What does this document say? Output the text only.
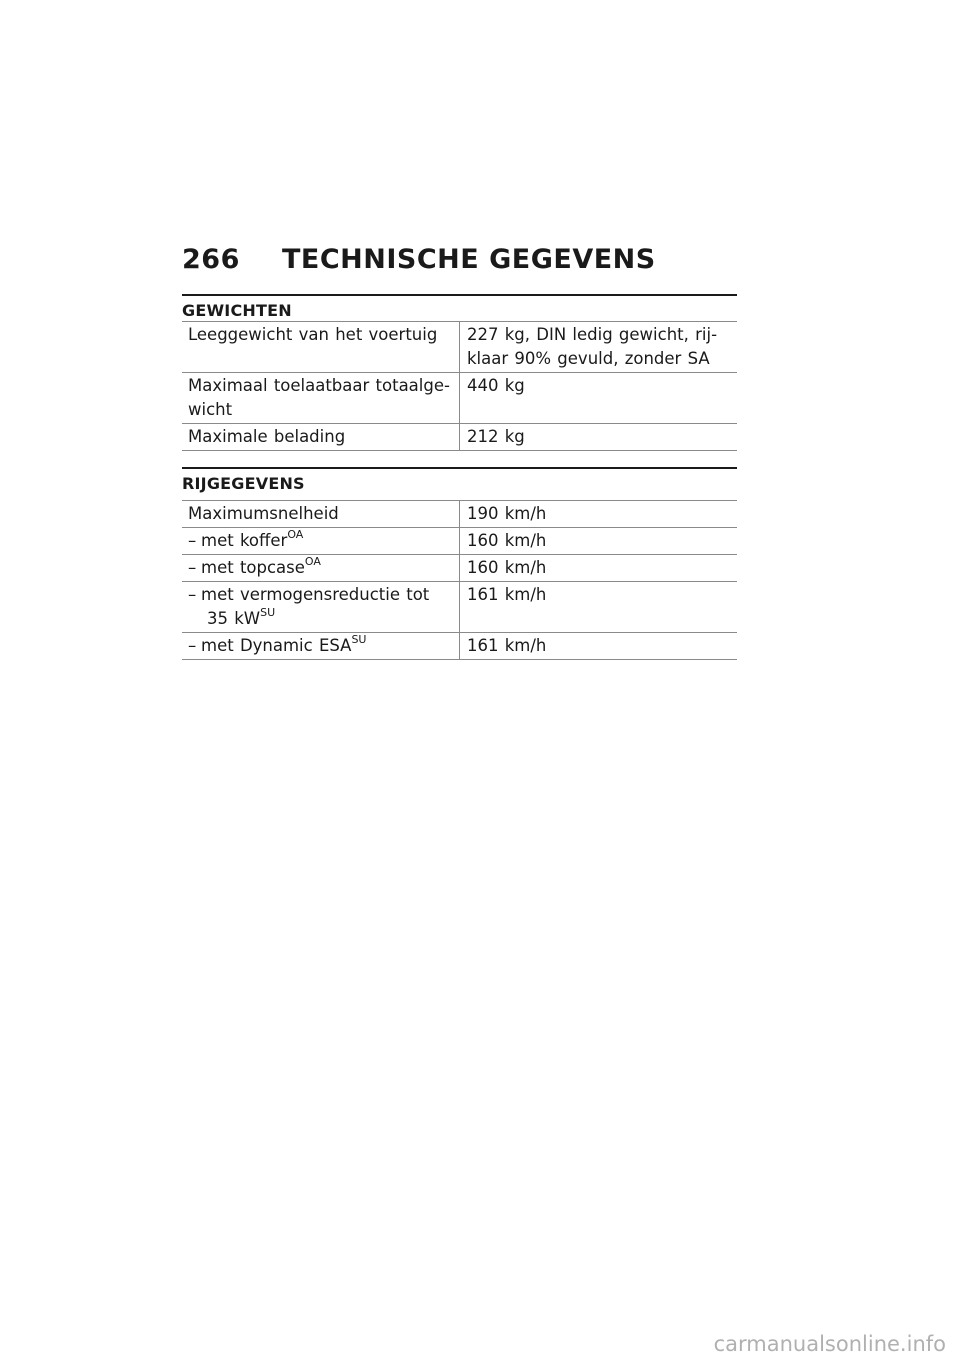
266	TECHNISCHE GEGEVENS
GEWICHTEN
Leeggewicht van het voertuig	227 kg, DIN ledig gewicht, rij-
klaar 90% gevuld, zonder SA
Maximaal toelaatbaar totaalge-
wicht	440 kg
Maximale belading	212 kg
RIJGEGEVENS
Maximumsnelheid	190 km/h
– met koffer$^{OA}$	160 km/h
– met topcase$^{OA}$	160 km/h
– met vermogensreductie tot
35 $kW^{SU}$	161 km/h
– met Dynamic $ESA^{SU}$	161 km/h
carmanualsonline.info
